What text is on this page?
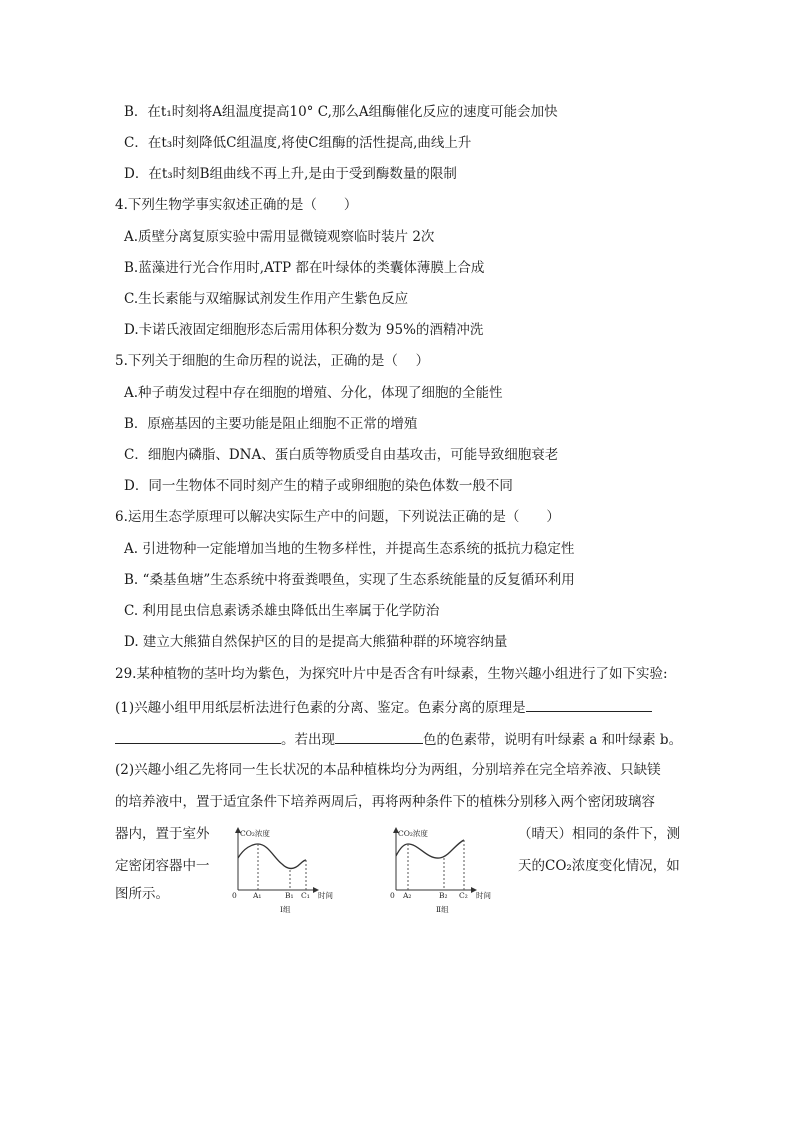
B．在t₁时刻将A组温度提高10° C,那么A组酶催化反应的速度可能会加快
C．在t₃时刻降低C组温度,将使C组酶的活性提高,曲线上升
D．在t₃时刻B组曲线不再上升,是由于受到酶数量的限制
4.下列生物学事实叙述正确的是（　　）
A.质壁分离复原实验中需用显微镜观察临时装片 2次
B.蓝藻进行光合作用时,ATP 都在叶绿体的类囊体薄膜上合成
C.生长素能与双缩脲试剂发生作用产生紫色反应
D.卡诺氏液固定细胞形态后需用体积分数为 95%的酒精冲洗
5.下列关于细胞的生命历程的说法，正确的是（　 ）
A.种子萌发过程中存在细胞的增殖、分化，体现了细胞的全能性
B．原癌基因的主要功能是阻止细胞不正常的增殖
C．细胞内磷脂、DNA、蛋白质等物质受自由基攻击，可能导致细胞衰老
D．同一生物体不同时刻产生的精子或卵细胞的染色体数一般不同
6.运用生态学原理可以解决实际生产中的问题，下列说法正确的是（　　）
A. 引进物种一定能增加当地的生物多样性，并提高生态系统的抵抗力稳定性
B. “桑基鱼塘”生态系统中将蚕粪喂鱼，实现了生态系统能量的反复循环利用
C. 利用昆虫信息素诱杀雄虫降低出生率属于化学防治
D. 建立大熊猫自然保护区的目的是提高大熊猫种群的环境容纳量
29.某种植物的茎叶均为紫色，为探究叶片中是否含有叶绿素，生物兴趣小组进行了如下实验:
(1)兴趣小组甲用纸层析法进行色素的分离、鉴定。色素分离的原理是
。若出现	色的色素带，说明有叶绿素 a 和叶绿素 b。
(2)兴趣小组乙先将同一生长状况的本品种植株均分为两组，分别培养在完全培养液、只缺镁
的培养液中，置于适宜条件下培养两周后，再将两种条件下的植株分别移入两个密闭玻璃容
器内，置于室外	（晴天）相同的条件下，测
定密闭容器中一	天的CO₂浓度变化情况，如
图所示。
CO₂浓度
0 A₁	B₁ C₁ 时间
Ⅰ组
CO₂浓度
0 A₂	B₂ C₂ 时间
Ⅱ组
